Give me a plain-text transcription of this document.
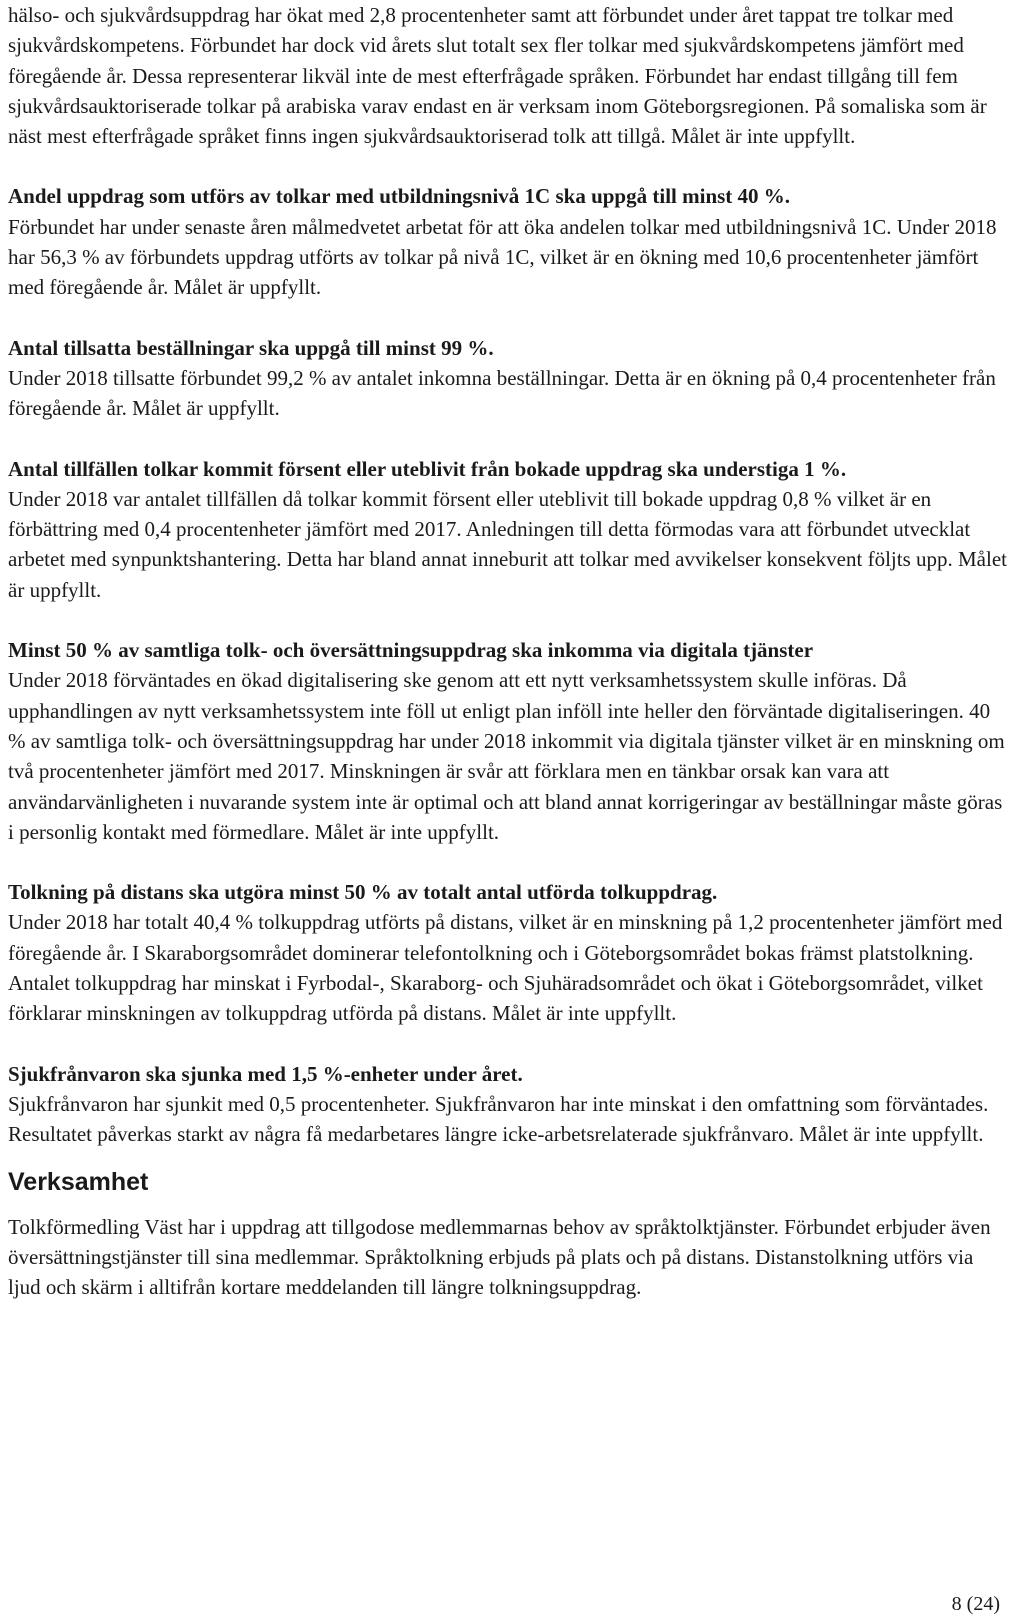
hälso- och sjukvårdsuppdrag har ökat med 2,8 procentenheter samt att förbundet under året tappat tre tolkar med sjukvårdskompetens. Förbundet har dock vid årets slut totalt sex fler tolkar med sjukvårdskompetens jämfört med föregående år. Dessa representerar likväl inte de mest efterfrågade språken. Förbundet har endast tillgång till fem sjukvårdsauktoriserade tolkar på arabiska varav endast en är verksam inom Göteborgsregionen. På somaliska som är näst mest efterfrågade språket finns ingen sjukvårdsauktoriserad tolk att tillgå. Målet är inte uppfyllt.

Andel uppdrag som utförs av tolkar med utbildningsnivå 1C ska uppgå till minst 40 %.

Förbundet har under senaste åren målmedvetet arbetat för att öka andelen tolkar med utbildningsnivå 1C. Under 2018 har 56,3 % av förbundets uppdrag utförts av tolkar på nivå 1C, vilket är en ökning med 10,6 procentenheter jämfört med föregående år. Målet är uppfyllt.

Antal tillsatta beställningar ska uppgå till minst 99 %.

Under 2018 tillsatte förbundet 99,2 % av antalet inkomna beställningar. Detta är en ökning på 0,4 procentenheter från föregående år. Målet är uppfyllt.

Antal tillfällen tolkar kommit försent eller uteblivit från bokade uppdrag ska understiga 1 %.

Under 2018 var antalet tillfällen då tolkar kommit försent eller uteblivit till bokade uppdrag 0,8 % vilket är en förbättring med 0,4 procentenheter jämfört med 2017. Anledningen till detta förmodas vara att förbundet utvecklat arbetet med synpunktshantering. Detta har bland annat inneburit att tolkar med avvikelser konsekvent följts upp. Målet är uppfyllt.

Minst 50 % av samtliga tolk- och översättningsuppdrag ska inkomma via digitala tjänster

Under 2018 förväntades en ökad digitalisering ske genom att ett nytt verksamhetssystem skulle införas. Då upphandlingen av nytt verksamhetssystem inte föll ut enligt plan inföll inte heller den förväntade digitaliseringen. 40 % av samtliga tolk- och översättningsuppdrag har under 2018 inkommit via digitala tjänster vilket är en minskning om två procentenheter jämfört med 2017. Minskningen är svår att förklara men en tänkbar orsak kan vara att användarvänligheten i nuvarande system inte är optimal och att bland annat korrigeringar av beställningar måste göras i personlig kontakt med förmedlare. Målet är inte uppfyllt.

Tolkning på distans ska utgöra minst 50 % av totalt antal utförda tolkuppdrag.

Under 2018 har totalt 40,4 % tolkuppdrag utförts på distans, vilket är en minskning på 1,2 procentenheter jämfört med föregående år. I Skaraborgsområdet dominerar telefontolkning och i Göteborgsområdet bokas främst platstolkning. Antalet tolkuppdrag har minskat i Fyrbodal-, Skaraborg- och Sjuhäradsområdet och ökat i Göteborgsområdet, vilket förklarar minskningen av tolkuppdrag utförda på distans. Målet är inte uppfyllt.

Sjukfrånvaron ska sjunka med 1,5 %-enheter under året.

Sjukfrånvaron har sjunkit med 0,5 procentenheter. Sjukfrånvaron har inte minskat i den omfattning som förväntades. Resultatet påverkas starkt av några få medarbetares längre icke-arbetsrelaterade sjukfrånvaro. Målet är inte uppfyllt.

Verksamhet

Tolkförmedling Väst har i uppdrag att tillgodose medlemmarnas behov av språktolktjänster. Förbundet erbjuder även översättningstjänster till sina medlemmar. Språktolkning erbjuds på plats och på distans. Distanstolkning utförs via ljud och skärm i alltifrån kortare meddelanden till längre tolkningsuppdrag.

8 (24)
